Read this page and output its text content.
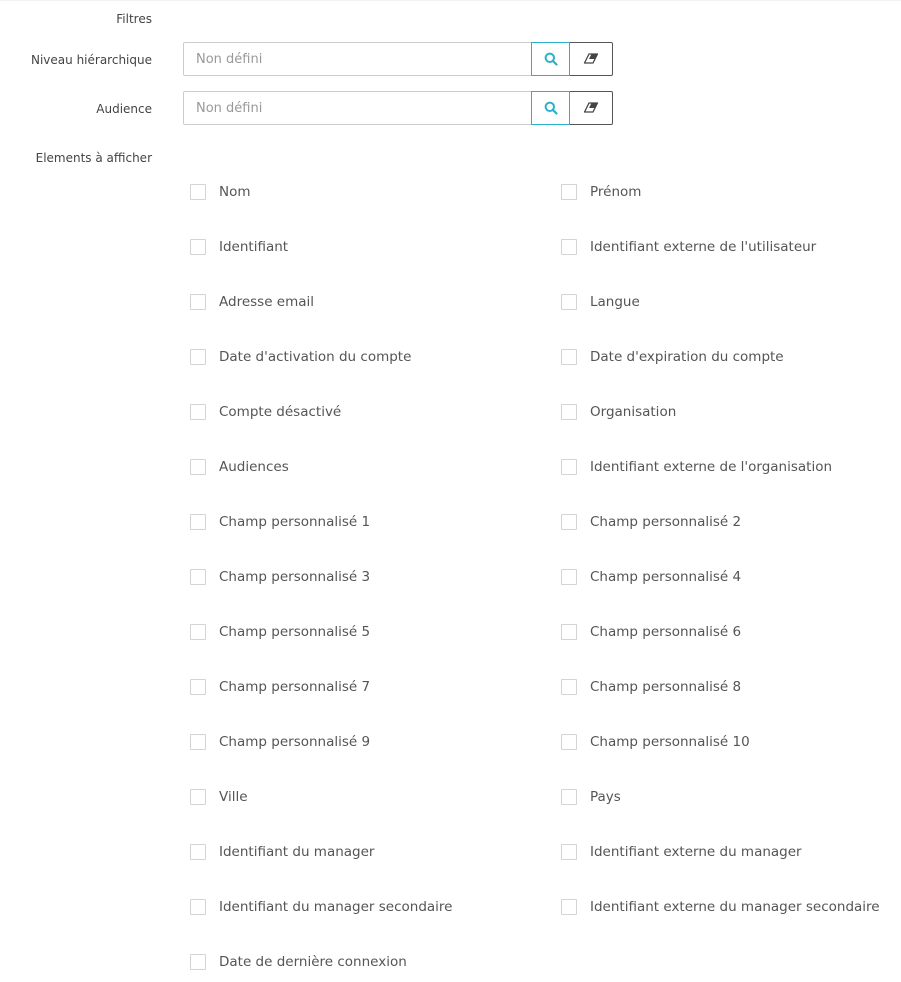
Filtres
Niveau hiérarchique
Non défini
Audience
Non défini
Elements à afficher
Nom	Prénom
Identifiant	Identifiant externe de l'utilisateur
Adresse email	Langue
Date d'activation du compte	Date d'expiration du compte
Compte désactivé	Organisation
Audiences	Identifiant externe de l'organisation
Champ personnalisé 1	Champ personnalisé 2
Champ personnalisé 3	Champ personnalisé 4
Champ personnalisé 5	Champ personnalisé 6
Champ personnalisé 7	Champ personnalisé 8
Champ personnalisé 9	Champ personnalisé 10
Ville	Pays
Identifiant du manager	Identifiant externe du manager
Identifiant du manager secondaire	Identifiant externe du manager secondaire
Date de dernière connexion
